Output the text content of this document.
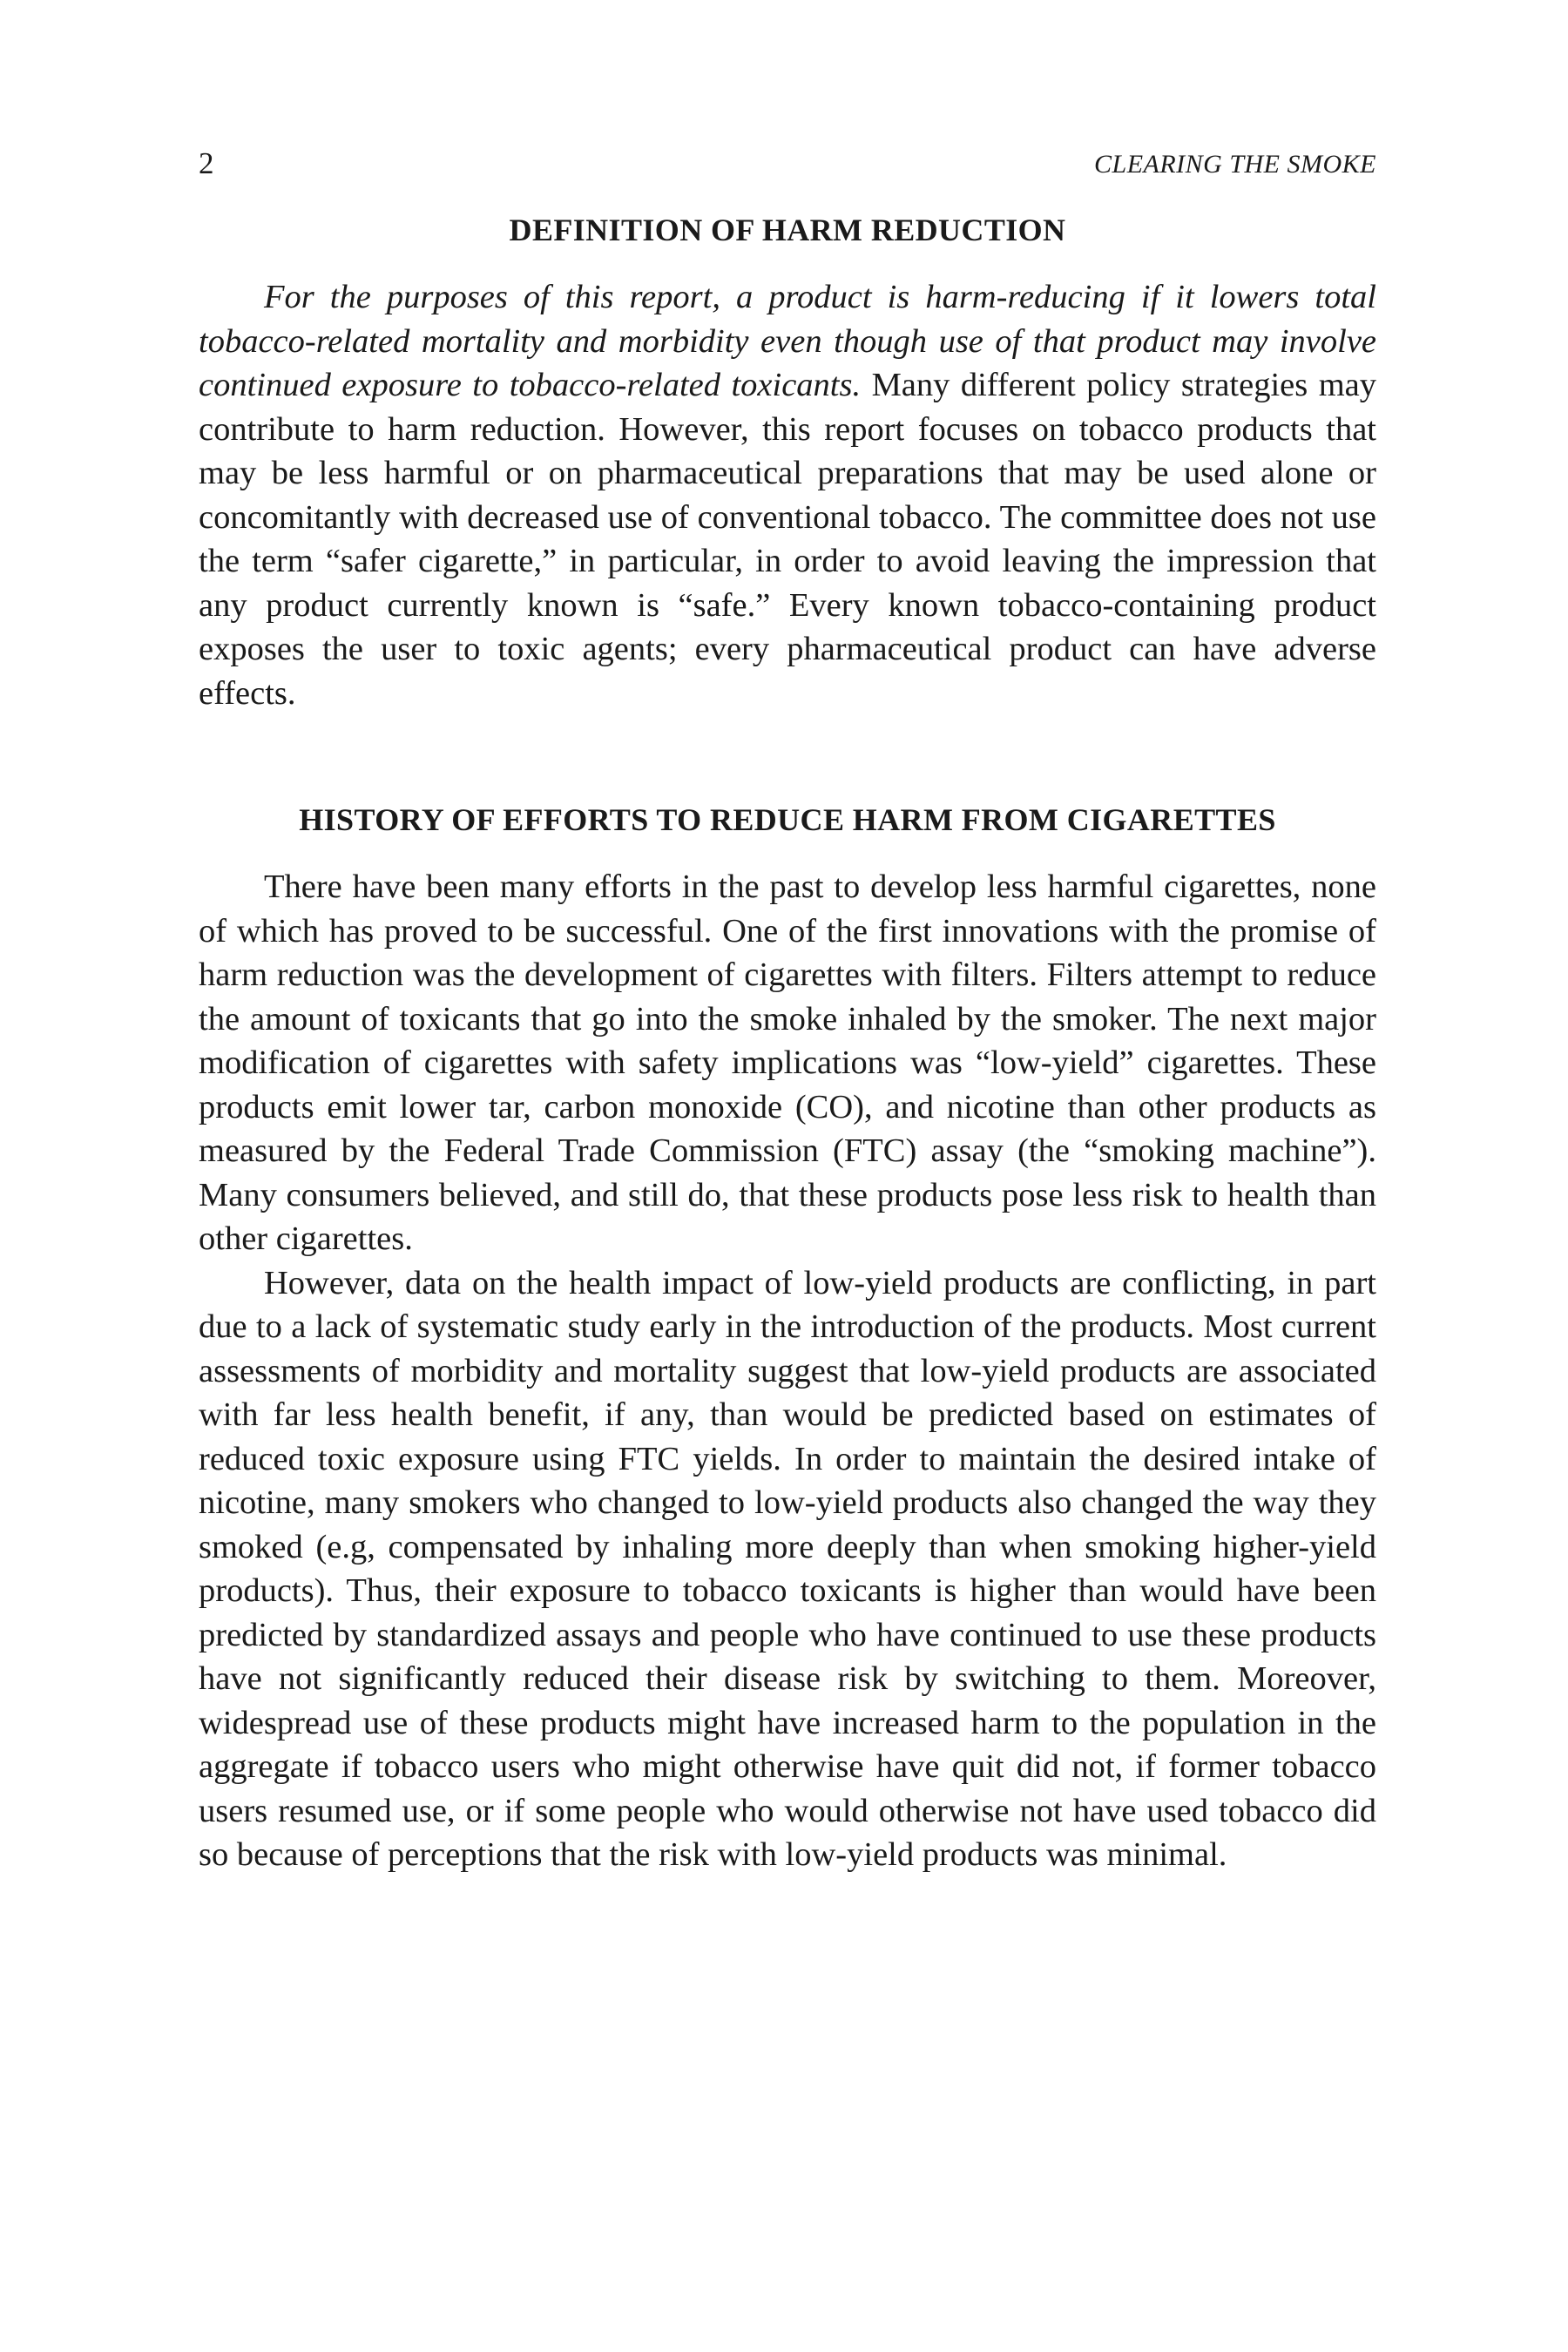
2	CLEARING THE SMOKE
DEFINITION OF HARM REDUCTION

For the purposes of this report, a product is harm-reducing if it lowers total tobacco-related mortality and morbidity even though use of that product may involve continued exposure to tobacco-related toxicants. Many different policy strategies may contribute to harm reduction. However, this report focuses on tobacco products that may be less harmful or on pharmaceutical preparations that may be used alone or concomitantly with decreased use of conventional tobacco. The committee does not use the term “safer cigarette,” in particular, in order to avoid leaving the impression that any product currently known is “safe.” Every known tobacco-containing product exposes the user to toxic agents; every pharmaceutical product can have adverse effects.

HISTORY OF EFFORTS TO REDUCE HARM FROM CIGARETTES

There have been many efforts in the past to develop less harmful cigarettes, none of which has proved to be successful. One of the first innovations with the promise of harm reduction was the development of cigarettes with filters. Filters attempt to reduce the amount of toxicants that go into the smoke inhaled by the smoker. The next major modification of cigarettes with safety implications was “low-yield” cigarettes. These products emit lower tar, carbon monoxide (CO), and nicotine than other products as measured by the Federal Trade Commission (FTC) assay (the “smoking machine”). Many consumers believed, and still do, that these products pose less risk to health than other cigarettes.

However, data on the health impact of low-yield products are conflicting, in part due to a lack of systematic study early in the introduction of the products. Most current assessments of morbidity and mortality suggest that low-yield products are associated with far less health benefit, if any, than would be predicted based on estimates of reduced toxic exposure using FTC yields. In order to maintain the desired intake of nicotine, many smokers who changed to low-yield products also changed the way they smoked (e.g, compensated by inhaling more deeply than when smoking higher-yield products). Thus, their exposure to tobacco toxicants is higher than would have been predicted by standardized assays and people who have continued to use these products have not significantly reduced their disease risk by switching to them. Moreover, widespread use of these products might have increased harm to the population in the aggregate if tobacco users who might otherwise have quit did not, if former tobacco users resumed use, or if some people who would otherwise not have used tobacco did so because of perceptions that the risk with low-yield products was minimal.
